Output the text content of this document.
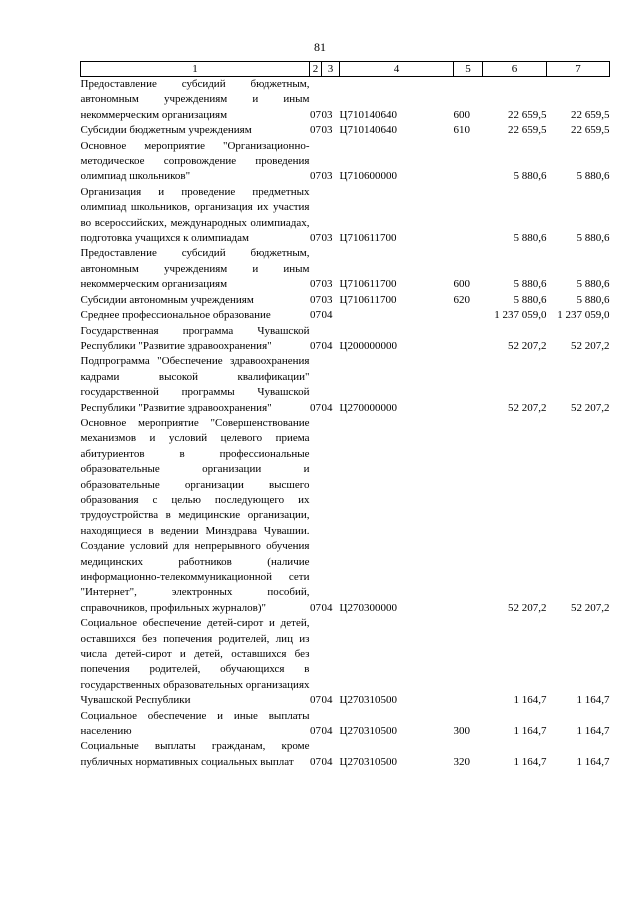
81
1	2	3	4	5	6	7
Предоставление субсидий бюджетным, автономным учреждениям и иным некоммерческим организациям	07	03	Ц710140640	600	22 659,5	22 659,5
Субсидии бюджетным учреждениям	07	03	Ц710140640	610	22 659,5	22 659,5
Основное мероприятие "Организационно-методическое сопровождение проведения олимпиад школьников"	07	03	Ц710600000		5 880,6	5 880,6
Организация и проведение предметных олимпиад школьников, организация их участия во всероссийских, международных олимпиадах, подготовка учащихся к олимпиадам	07	03	Ц710611700		5 880,6	5 880,6
Предоставление субсидий бюджетным, автономным учреждениям и иным некоммерческим организациям	07	03	Ц710611700	600	5 880,6	5 880,6
Субсидии автономным учреждениям	07	03	Ц710611700	620	5 880,6	5 880,6
Среднее профессиональное образование	07	04			1 237 059,0	1 237 059,0
Государственная программа Чувашской Республики "Развитие здравоохранения"	07	04	Ц200000000		52 207,2	52 207,2
Подпрограмма "Обеспечение здравоохранения кадрами высокой квалификации" государственной программы Чувашской Республики "Развитие здравоохранения"	07	04	Ц270000000		52 207,2	52 207,2
Основное мероприятие "Совершенствование механизмов и условий целевого приема абитуриентов в профессиональные образовательные организации и образовательные организации высшего образования с целью последующего их трудоустройства в медицинские организации, находящиеся в ведении Минздрава Чувашии. Создание условий для непрерывного обучения медицинских работников (наличие информационно-телекоммуникационной сети "Интернет", электронных пособий, справочников, профильных журналов)"	07	04	Ц270300000		52 207,2	52 207,2
Социальное обеспечение детей-сирот и детей, оставшихся без попечения родителей, лиц из числа детей-сирот и детей, оставшихся без попечения родителей, обучающихся в государственных образовательных организациях Чувашской Республики	07	04	Ц270310500		1 164,7	1 164,7
Социальное обеспечение и иные выплаты населению	07	04	Ц270310500	300	1 164,7	1 164,7
Социальные выплаты гражданам, кроме публичных нормативных социальных выплат	07	04	Ц270310500	320	1 164,7	1 164,7
